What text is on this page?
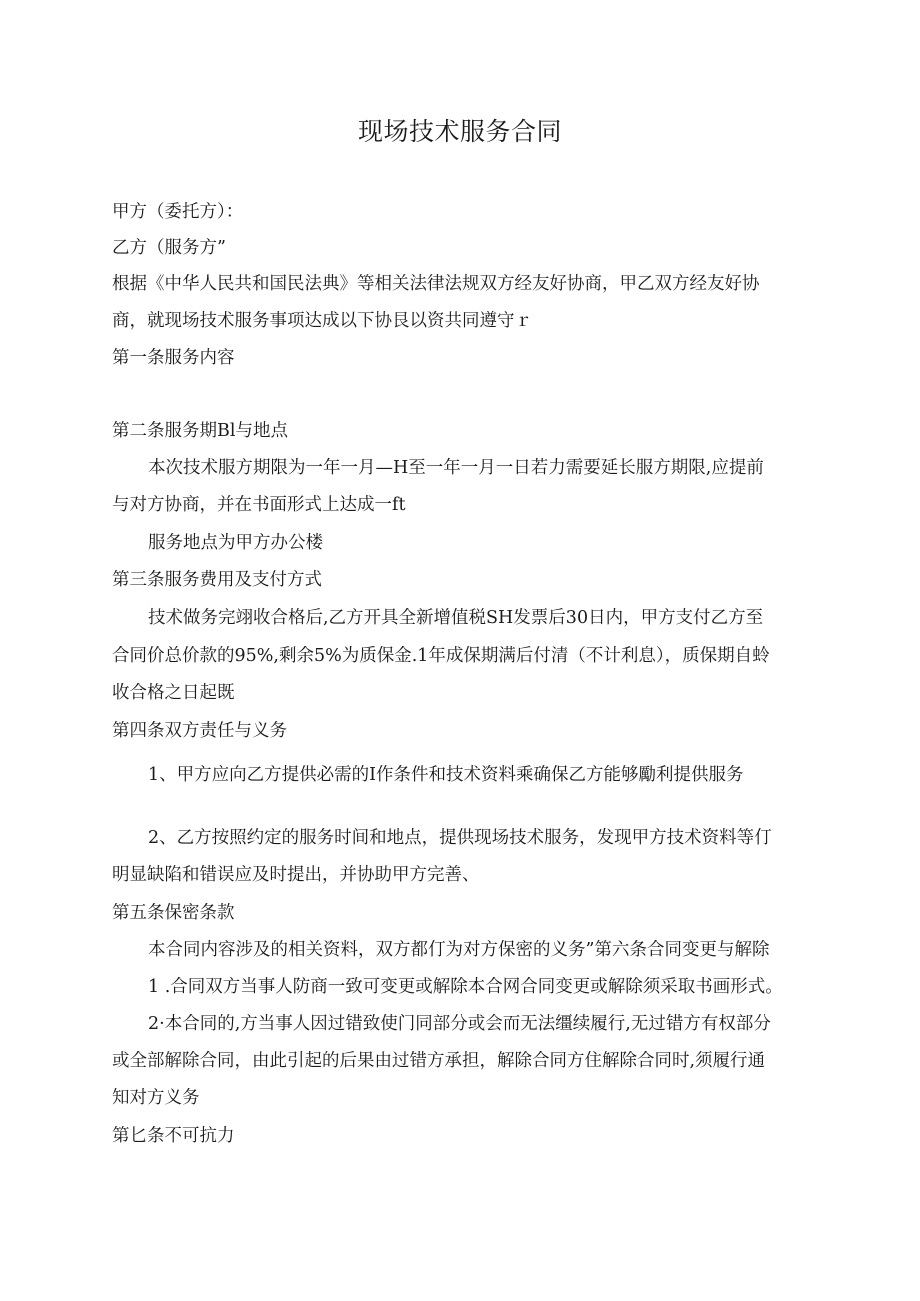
现场技术服务合同
甲方（委托方）：
乙方（服务方”
根据《中华人民共和国民法典》等相关法律法规双方经友好协商，甲乙双方经友好协
商，就现场技术服务事项达成以下协艮以资共同遵守ｒ
第一条服务内容
第二条服务期Bl与地点
本次技术服方期限为一年一月—H至一年一月一日若力需要延长服方期限,应提前
与对方协商，并在书面形式上达成一ft
服务地点为甲方办公楼
第三条服务费用及支付方式
技术做务完翊收合格后,乙方开具全新增值税SH发票后30日内，甲方支付乙方至
合同价总价款的95%,剩余5%为质保金.1年成保期满后付清（不计利息），质保期自蛉
收合格之日起既
第四条双方责任与义务
1、甲方应向乙方提供必需的I作条件和技术资料乘确保乙方能够勵利提供服务
2、乙方按照约定的服务时间和地点，提供现场技术服务，发现甲方技术资料等仃
明显缺陷和错误应及时提出，并协助甲方完善、
第五条保密条款
本合同内容涉及的相关资料，双方都仃为对方保密的义务”第六条合同变更与解除
1 .合同双方当事人防商一致可变更或解除本合网合同变更或解除须采取书画形式。
2·本合同的,方当事人因过错致使门同部分或会而无法缰续履行,无过错方有权部分
或全部解除合同，由此引起的后果由过错方承担，解除合同方住解除合同时,须履行通
知对方义务
第匕条不可抗力
